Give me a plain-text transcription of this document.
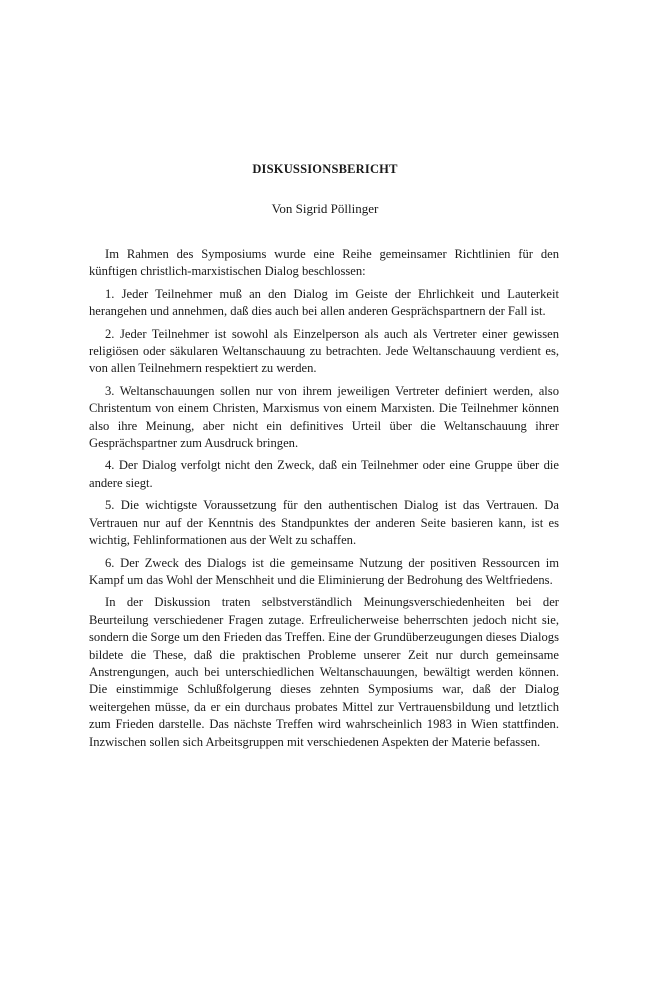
DISKUSSIONSBERICHT
Von Sigrid Pöllinger

Im Rahmen des Symposiums wurde eine Reihe gemeinsamer Richtlinien für den künftigen christlich-marxistischen Dialog beschlossen:

1. Jeder Teilnehmer muß an den Dialog im Geiste der Ehrlichkeit und Lauterkeit herangehen und annehmen, daß dies auch bei allen anderen Gesprächspartnern der Fall ist.

2. Jeder Teilnehmer ist sowohl als Einzelperson als auch als Vertreter einer gewissen religiösen oder säkularen Weltanschauung zu betrachten. Jede Weltanschauung verdient es, von allen Teilnehmern respektiert zu werden.

3. Weltanschauungen sollen nur von ihrem jeweiligen Vertreter definiert werden, also Christentum von einem Christen, Marxismus von einem Marxisten. Die Teilnehmer können also ihre Meinung, aber nicht ein definitives Urteil über die Weltanschauung ihrer Gesprächspartner zum Ausdruck bringen.

4. Der Dialog verfolgt nicht den Zweck, daß ein Teilnehmer oder eine Gruppe über die andere siegt.

5. Die wichtigste Voraussetzung für den authentischen Dialog ist das Vertrauen. Da Vertrauen nur auf der Kenntnis des Standpunktes der anderen Seite basieren kann, ist es wichtig, Fehlinformationen aus der Welt zu schaffen.

6. Der Zweck des Dialogs ist die gemeinsame Nutzung der positiven Ressourcen im Kampf um das Wohl der Menschheit und die Eliminierung der Bedrohung des Weltfriedens.

In der Diskussion traten selbstverständlich Meinungsverschiedenheiten bei der Beurteilung verschiedener Fragen zutage. Erfreulicherweise beherrschten jedoch nicht sie, sondern die Sorge um den Frieden das Treffen. Eine der Grundüberzeugungen dieses Dialogs bildete die These, daß die praktischen Probleme unserer Zeit nur durch gemeinsame Anstrengungen, auch bei unterschiedlichen Weltanschauungen, bewältigt werden können. Die einstimmige Schlußfolgerung dieses zehnten Symposiums war, daß der Dialog weitergehen müsse, da er ein durchaus probates Mittel zur Vertrauensbildung und letztlich zum Frieden darstelle. Das nächste Treffen wird wahrscheinlich 1983 in Wien stattfinden. Inzwischen sollen sich Arbeitsgruppen mit verschiedenen Aspekten der Materie befassen.
